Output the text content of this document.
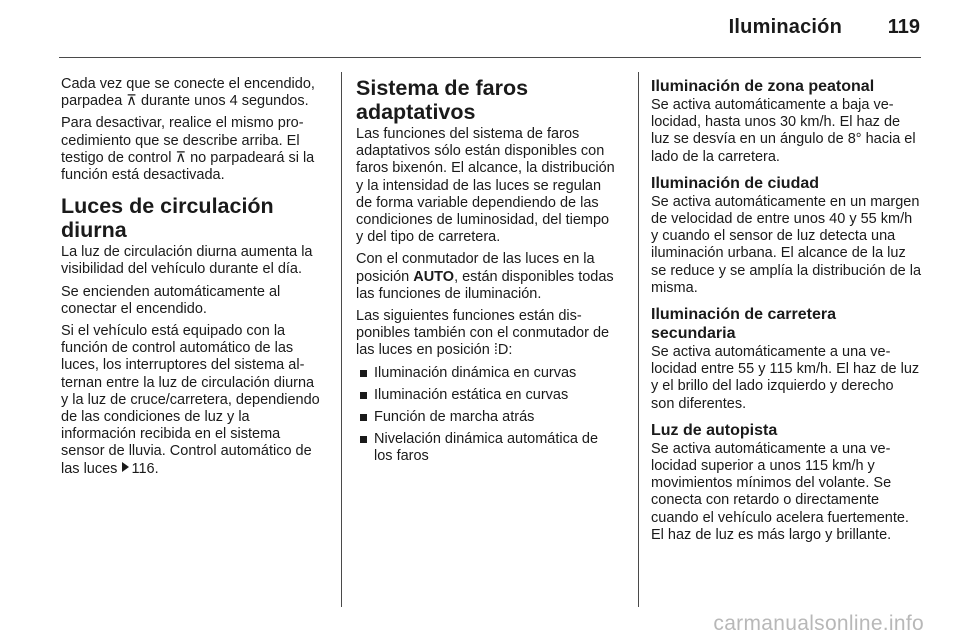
Iluminación 119

Cada vez que se conecte el encendido, parpadea ⊼ durante unos 4 segundos.

Para desactivar, realice el mismo procedimiento que se describe arriba. El testigo de control ⊼ no parpadeará si la función está desactivada.

Luces de circulación diurna

La luz de circulación diurna aumenta la visibilidad del vehículo durante el día.

Se encienden automáticamente al conectar el encendido.

Si el vehículo está equipado con la función de control automático de las luces, los interruptores del sistema alternan entre la luz de circulación diurna y la luz de cruce/carretera, dependiendo de las condiciones de luz y la información recibida en el sistema sensor de lluvia. Control automático de las luces 116.

Sistema de faros adaptativos

Las funciones del sistema de faros adaptativos sólo están disponibles con faros bixenón. El alcance, la distribución y la intensidad de las luces se regulan de forma variable dependiendo de las condiciones de luminosidad, del tiempo y del tipo de carretera.

Con el conmutador de las luces en la posición AUTO, están disponibles todas las funciones de iluminación.

Las siguientes funciones están disponibles también con el conmutador de las luces en posición ⁞D:

Iluminación dinámica en curvas
Iluminación estática en curvas
Función de marcha atrás
Nivelación dinámica automática de los faros
Iluminación de zona peatonal

Se activa automáticamente a baja velocidad, hasta unos 30 km/h. El haz de luz se desvía en un ángulo de 8° hacia el lado de la carretera.

Iluminación de ciudad

Se activa automáticamente en un margen de velocidad de entre unos 40 y 55 km/h y cuando el sensor de luz detecta una iluminación urbana. El alcance de la luz se reduce y se amplía la distribución de la misma.

Iluminación de carretera secundaria

Se activa automáticamente a una velocidad entre 55 y 115 km/h. El haz de luz y el brillo del lado izquierdo y derecho son diferentes.

Luz de autopista

Se activa automáticamente a una velocidad superior a unos 115 km/h y movimientos mínimos del volante. Se conecta con retardo o directamente cuando el vehículo acelera fuertemente. El haz de luz es más largo y brillante.

carmanualsonline.info
